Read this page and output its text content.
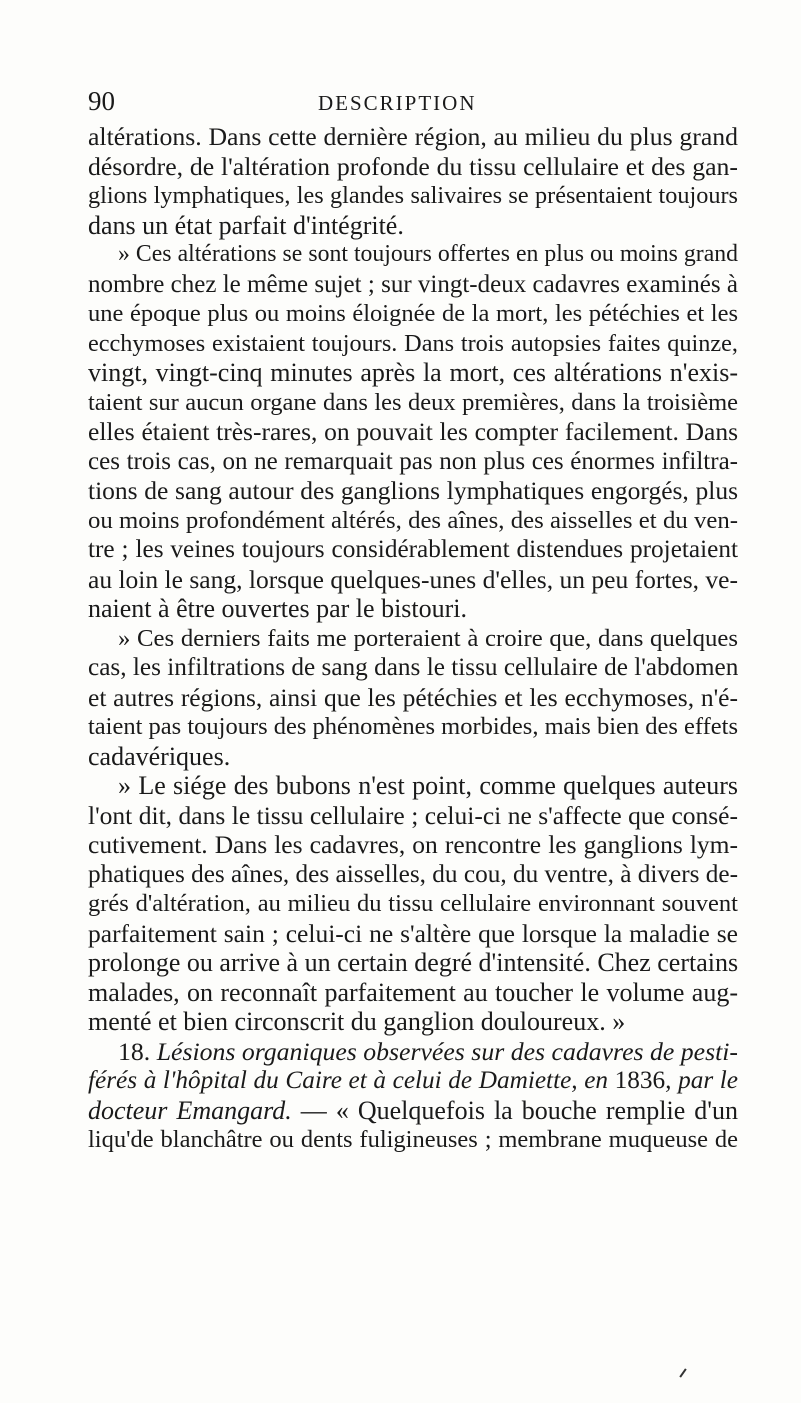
90	DESCRIPTION

altérations. Dans cette dernière région, au milieu du plus grand
désordre, de l'altération profonde du tissu cellulaire et des gan-
glions lymphatiques, les glandes salivaires se présentaient toujours
dans un état parfait d'intégrité.

» Ces altérations se sont toujours offertes en plus ou moins grand
nombre chez le même sujet ; sur vingt-deux cadavres examinés à
une époque plus ou moins éloignée de la mort, les pétéchies et les
ecchymoses existaient toujours. Dans trois autopsies faites quinze,
vingt, vingt-cinq minutes après la mort, ces altérations n'exis-
taient sur aucun organe dans les deux premières, dans la troisième
elles étaient très-rares, on pouvait les compter facilement. Dans
ces trois cas, on ne remarquait pas non plus ces énormes infiltra-
tions de sang autour des ganglions lymphatiques engorgés, plus
ou moins profondément altérés, des aînes, des aisselles et du ven-
tre ; les veines toujours considérablement distendues projetaient
au loin le sang, lorsque quelques-unes d'elles, un peu fortes, ve-
naient à être ouvertes par le bistouri.

» Ces derniers faits me porteraient à croire que, dans quelques
cas, les infiltrations de sang dans le tissu cellulaire de l'abdomen
et autres régions, ainsi que les pétéchies et les ecchymoses, n'é-
taient pas toujours des phénomènes morbides, mais bien des effets
cadavériques.

» Le siége des bubons n'est point, comme quelques auteurs
l'ont dit, dans le tissu cellulaire ; celui-ci ne s'affecte que consé-
cutivement. Dans les cadavres, on rencontre les ganglions lym-
phatiques des aînes, des aisselles, du cou, du ventre, à divers de-
grés d'altération, au milieu du tissu cellulaire environnant souvent
parfaitement sain ; celui-ci ne s'altère que lorsque la maladie se
prolonge ou arrive à un certain degré d'intensité. Chez certains
malades, on reconnaît parfaitement au toucher le volume aug-
menté et bien circonscrit du ganglion douloureux. »

18. Lésions organiques observées sur des cadavres de pesti-
férés à l'hôpital du Caire et à celui de Damiette, en 1836, par le
docteur Emangard. — « Quelquefois la bouche remplie d'un
liqu'de blanchâtre ou dents fuligineuses ; membrane muqueuse de
